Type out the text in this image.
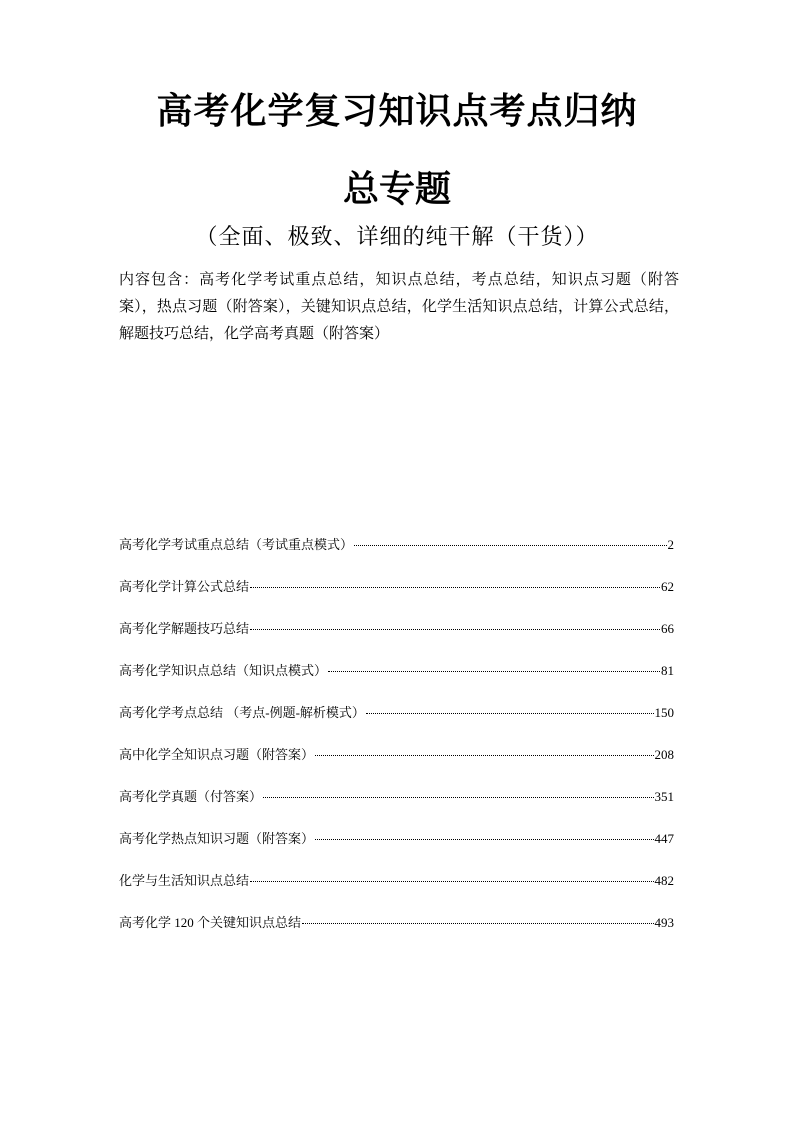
高考化学复习知识点考点归纳
总专题
（全面、极致、详细的纯干解（干货））
内容包含：高考化学考试重点总结，知识点总结，考点总结，知识点习题（附答案），热点习题（附答案），关键知识点总结，化学生活知识点总结，计算公式总结，解题技巧总结，化学高考真题（附答案）
高考化学考试重点总结（考试重点模式）	2
高考化学计算公式总结	62
高考化学解题技巧总结	66
高考化学知识点总结（知识点模式）	81
高考化学考点总结 （考点-例题-解析模式）	150
高中化学全知识点习题（附答案）	208
高考化学真题（付答案）	351
高考化学热点知识习题（附答案）	447
化学与生活知识点总结	482
高考化学 120 个关键知识点总结	493
